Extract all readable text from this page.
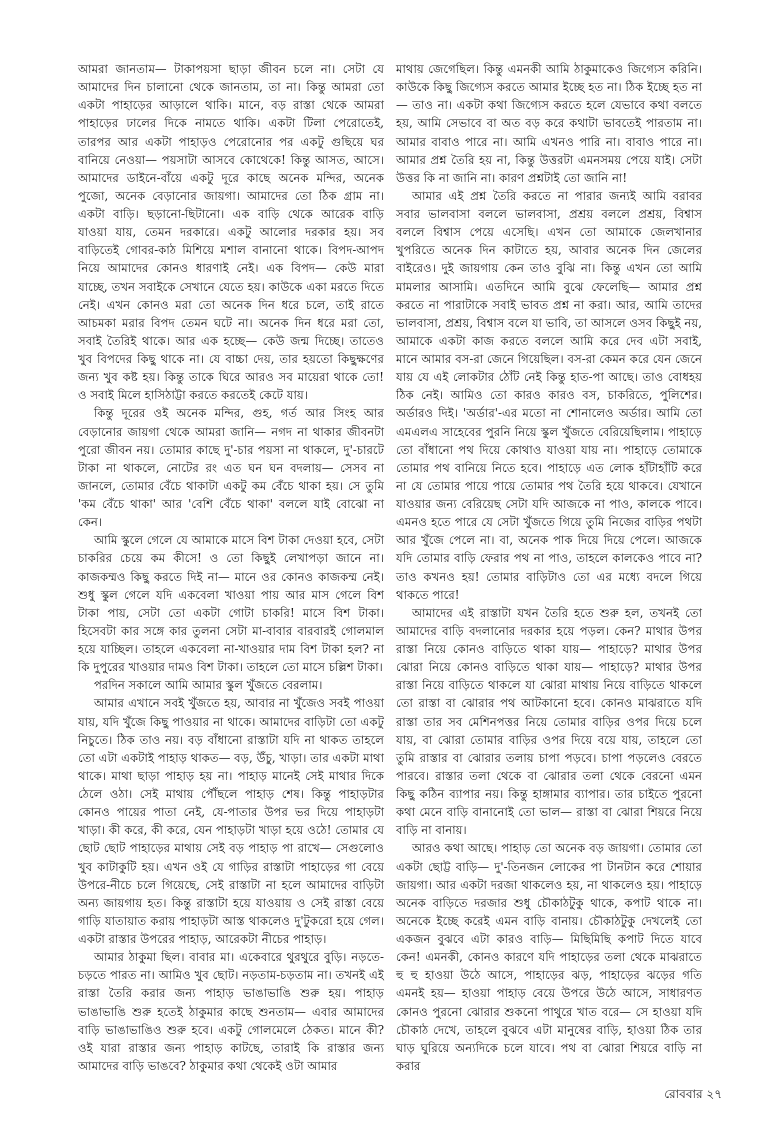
আমরা জানতাম— টাকাপয়সা ছাড়া জীবন চলে না। সেটা যে আমাদের দিন চালানো থেকে জানতাম, তা না। কিন্তু আমরা তো একটা পাহাড়ের আড়ালে থাকি। মানে, বড় রাস্তা থেকে আমরা পাহাড়ের ঢালের দিকে নামতে থাকি। একটা টিলা পেরোতেই, তারপর আর একটা পাহাড়ও পেরোনোর পর একটু গুছিয়ে ঘর বানিয়ে নেওয়া— পয়সাটা আসবে কোথেকে! কিন্তু আসত, আসে। আমাদের ডাইনে-বাঁয়ে একটু দূরে কাছে অনেক মন্দির, অনেক পুজো, অনেক বেড়ানোর জায়গা। আমাদের তো ঠিক গ্রাম না। একটা বাড়ি। ছড়ানো-ছিটানো। এক বাড়ি থেকে আরেক বাড়ি যাওয়া যায়, তেমন দরকারে। একটু আলোর দরকার হয়। সব বাড়িতেই গোবর-কাঠ মিশিয়ে মশাল বানানো থাকে। বিপদ-আপদ নিয়ে আমাদের কোনও ধারণাই নেই। এক বিপদ— কেউ মারা যাচ্ছে, তখন সবাইকে সেখানে যেতে হয়। কাউকে একা মরতে দিতে নেই। এখন কোনও মরা তো অনেক দিন ধরে চলে, তাই রাতে আচমকা মরার বিপদ তেমন ঘটে না। অনেক দিন ধরে মরা তো, সবাই তৈরিই থাকে। আর এক হচ্ছে— কেউ জন্ম দিচ্ছে। তাতেও খুব বিপদের কিছু থাকে না। যে বাচ্চা দেয়, তার হয়তো কিছুক্ষণের জন্য খুব কষ্ট হয়। কিন্তু তাকে ঘিরে আরও সব মায়েরা থাকে তো! ও সবাই মিলে হাসিঠাট্টা করতে করতেই কেটে যায়।

কিন্তু দূরের ওই অনেক মন্দির, গুহ, গর্ত আর সিংহ আর বেড়ানোর জায়গা থেকে আমরা জানি— নগদ না থাকার জীবনটা পুরো জীবন নয়। তোমার কাছে দু'-চার পয়সা না থাকলে, দু'-চারটে টাকা না থাকলে, নোটের রং এত ঘন ঘন বদলায়— সেসব না জানলে, তোমার বেঁচে থাকাটা একটু কম বেঁচে থাকা হয়। সে তুমি 'কম বেঁচে থাকা' আর 'বেশি বেঁচে থাকা' বললে যাই বোঝো না কেন।

আমি স্কুলে গেলে যে আমাকে মাসে বিশ টাকা দেওয়া হবে, সেটা চাকরির চেয়ে কম কীসে! ও তো কিছুই লেখাপড়া জানে না। কাজকম্মও কিছু করতে দিই না— মানে ওর কোনও কাজকম্ম নেই। শুধু স্কুল গেলে যদি একবেলা খাওয়া পায় আর মাস গেলে বিশ টাকা পায়, সেটা তো একটা গোটা চাকরি! মাসে বিশ টাকা। হিসেবটা কার সঙ্গে কার তুলনা সেটা মা-বাবার বারবারই গোলমাল হয়ে যাচ্ছিল। তাহলে একবেলা না-খাওয়ার দাম বিশ টাকা হল? না কি দুপুরের খাওয়ার দামও বিশ টাকা। তাহলে তো মাসে চল্লিশ টাকা।

পরদিন সকালে আমি আমার স্কুল খুঁজতে বেরলাম।

আমার এখানে সবই খুঁজতে হয়, আবার না খুঁজেও সবই পাওয়া যায়, যদি খুঁজে কিছু পাওয়ার না থাকে। আমাদের বাড়িটা তো একটু নিচুতে। ঠিক তাও নয়। বড় বাঁধানো রাস্তাটা যদি না থাকত তাহলে তো এটা একটাই পাহাড় থাকত— বড়, উঁচু, খাড়া। তার একটা মাথা থাকে। মাথা ছাড়া পাহাড় হয় না। পাহাড় মানেই সেই মাথার দিকে ঠেলে ওঠা। সেই মাথায় পৌঁছলে পাহাড় শেষ। কিন্তু পাহাড়টার কোনও পায়ের পাতা নেই, যে-পাতার উপর ভর দিয়ে পাহাড়টা খাড়া। কী করে, কী করে, যেন পাহাড়টা খাড়া হয়ে ওঠে! তোমার যে ছোট ছোট পাহাড়ের মাথায় সেই বড় পাহাড় পা রাখে— সেগুলোও খুব কাটাকুটি হয়। এখন ওই যে গাড়ির রাস্তাটা পাহাড়ের গা বেয়ে উপরে-নীচে চলে গিয়েছে, সেই রাস্তাটা না হলে আমাদের বাড়িটা অন্য জায়গায় হত। কিন্তু রাস্তাটা হয়ে যাওয়ায় ও সেই রাস্তা বেয়ে গাড়ি যাতায়াত করায় পাহাড়টা আস্ত থাকলেও দু'টুকরো হয়ে গেল। একটা রাস্তার উপরের পাহাড়, আরেকটা নীচের পাহাড়।

আমার ঠাকুমা ছিল। বাবার মা। একেবারে থুরথুরে বুড়ি। নড়তে-চড়তে পারত না। আমিও খুব ছোট। নড়তাম-চড়তাম না। তখনই এই রাস্তা তৈরি করার জন্য পাহাড় ভাঙাভাঙি শুরু হয়। পাহাড় ভাঙাভাঙি শুরু হতেই ঠাকুমার কাছে শুনতাম— এবার আমাদের বাড়ি ভাঙাভাঙিও শুরু হবে। একটু গোলমেলে ঠেকত। মানে কী? ওই যারা রাস্তার জন্য পাহাড় কাটছে, তারাই কি রাস্তার জন্য আমাদের বাড়ি ভাঙবে? ঠাকুমার কথা থেকেই ওটা আমার

মাথায় জেগেছিল। কিন্তু এমনকী আমি ঠাকুমাকেও জিগ্যেস করিনি। কাউকে কিছু জিগ্যেস করতে আমার ইচ্ছে হত না। ঠিক ইচ্ছে হত না— তাও না। একটা কথা জিগ্যেস করতে হলে যেভাবে কথা বলতে হয়, আমি সেভাবে বা অত বড় করে কথাটা ভাবতেই পারতাম না। আমার বাবাও পারে না। আমি এখনও পারি না। বাবাও পারে না। আমার প্রশ্ন তৈরি হয় না, কিন্তু উত্তরটা এমনসময় পেয়ে যাই। সেটা উত্তর কি না জানি না। কারণ প্রশ্নটাই তো জানি না!

আমার এই প্রশ্ন তৈরি করতে না পারার জন্যই আমি বরাবর সবার ভালবাসা বললে ভালবাসা, প্রশ্রয় বললে প্রশ্রয়, বিশ্বাস বললে বিশ্বাস পেয়ে এসেছি। এখন তো আমাকে জেলখানার খুপরিতে অনেক দিন কাটাতে হয়, আবার অনেক দিন জেলের বাইরেও। দুই জায়গায় কেন তাও বুঝি না। কিন্তু এখন তো আমি মামলার আসামি। এতদিনে আমি বুঝে ফেলেছি— আমার প্রশ্ন করতে না পারাটাকে সবাই ভাবত প্রশ্ন না করা। আর, আমি তাদের ভালবাসা, প্রশ্রয়, বিশ্বাস বলে যা ভাবি, তা আসলে ওসব কিছুই নয়, আমাকে একটা কাজ করতে বললে আমি করে দেব এটা সবাই, মানে আমার বস-রা জেনে গিয়েছিল। বস-রা কেমন করে যেন জেনে যায় যে এই লোকটার ঠোঁট নেই কিন্তু হাত-পা আছে। তাও বোধহয় ঠিক নেই। আমিও তো কারও কারও বস, চাকরিতে, পুলিশের। অর্ডারও দিই। 'অর্ডার'-এর মতো না শোনালেও অর্ডার। আমি তো এমএলএ সাহেবের পুরনি নিয়ে স্কুল খুঁজতে বেরিয়েছিলাম। পাহাড়ে তো বাঁধানো পথ দিয়ে কোথাও যাওয়া যায় না। পাহাড়ে তোমাকে তোমার পথ বানিয়ে নিতে হবে। পাহাড়ে এত লোক হাঁটাহাঁটি করে না যে তোমার পায়ে পায়ে তোমার পথ তৈরি হয়ে থাকবে। যেখানে যাওয়ার জন্য বেরিয়েছ সেটা যদি আজকে না পাও, কালকে পাবে। এমনও হতে পারে যে সেটা খুঁজতে গিয়ে তুমি নিজের বাড়ির পথটা আর খুঁজে পেলে না। বা, অনেক পাক দিয়ে দিয়ে পেলে। আজকে যদি তোমার বাড়ি ফেরার পথ না পাও, তাহলে কালকেও পাবে না? তাও কখনও হয়! তোমার বাড়িটাও তো এর মধ্যে বদলে গিয়ে থাকতে পারে!

আমাদের এই রাস্তাটা যখন তৈরি হতে শুরু হল, তখনই তো আমাদের বাড়ি বদলানোর দরকার হয়ে পড়ল। কেন? মাথার উপর রাস্তা নিয়ে কোনও বাড়িতে থাকা যায়— পাহাড়ে? মাথার উপর ঝোরা নিয়ে কোনও বাড়িতে থাকা যায়— পাহাড়ে? মাথার উপর রাস্তা নিয়ে বাড়িতে থাকলে যা ঝোরা মাথায় নিয়ে বাড়িতে থাকলে তো রাস্তা বা ঝোরার পথ আটকানো হবে। কোনও মাঝরাতে যদি রাস্তা তার সব মেশিনপত্তর নিয়ে তোমার বাড়ির ওপর দিয়ে চলে যায়, বা ঝোরা তোমার বাড়ির ওপর দিয়ে বয়ে যায়, তাহলে তো তুমি রাস্তার বা ঝোরার তলায় চাপা পড়বে। চাপা পড়লেও বেরতে পারবে। রাস্তার তলা থেকে বা ঝোরার তলা থেকে বেরনো এমন কিছু কঠিন ব্যাপার নয়। কিন্তু হাঙ্গামার ব্যাপার। তার চাইতে পুরনো কথা মেনে বাড়ি বানানোই তো ভাল— রাস্তা বা ঝোরা শিয়রে নিয়ে বাড়ি না বানায়।

আরও কথা আছে। পাহাড় তো অনেক বড় জায়গা। তোমার তো একটা ছোট্ট বাড়ি— দু'-তিনজন লোকের পা টানটান করে শোয়ার জায়গা। আর একটা দরজা থাকলেও হয়, না থাকলেও হয়। পাহাড়ে অনেক বাড়িতে দরজার শুধু চৌকাঠটুকু থাকে, কপাট থাকে না। অনেকে ইচ্ছে করেই এমন বাড়ি বানায়। চৌকাঠটুকু দেখলেই তো একজন বুঝবে এটা কারও বাড়ি— মিছিমিছি কপাট দিতে যাবে কেন! এমনকী, কোনও কারণে যদি পাহাড়ের তলা থেকে মাঝরাতে হু হু হাওয়া উঠে আসে, পাহাড়ের ঝড়, পাহাড়ের ঝড়ের গতি এমনই হয়— হাওয়া পাহাড় বেয়ে উপরে উঠে আসে, সাধারণত কোনও পুরনো ঝোরার শুকনো পাথুরে খাত বরে— সে হাওয়া যদি চৌকাঠ দেখে, তাহলে বুঝবে এটা মানুষের বাড়ি, হাওয়া ঠিক তার ঘাড় ঘুরিয়ে অন্যদিকে চলে যাবে। পথ বা ঝোরা শিয়রে বাড়ি না করার

রোববার ২৭
